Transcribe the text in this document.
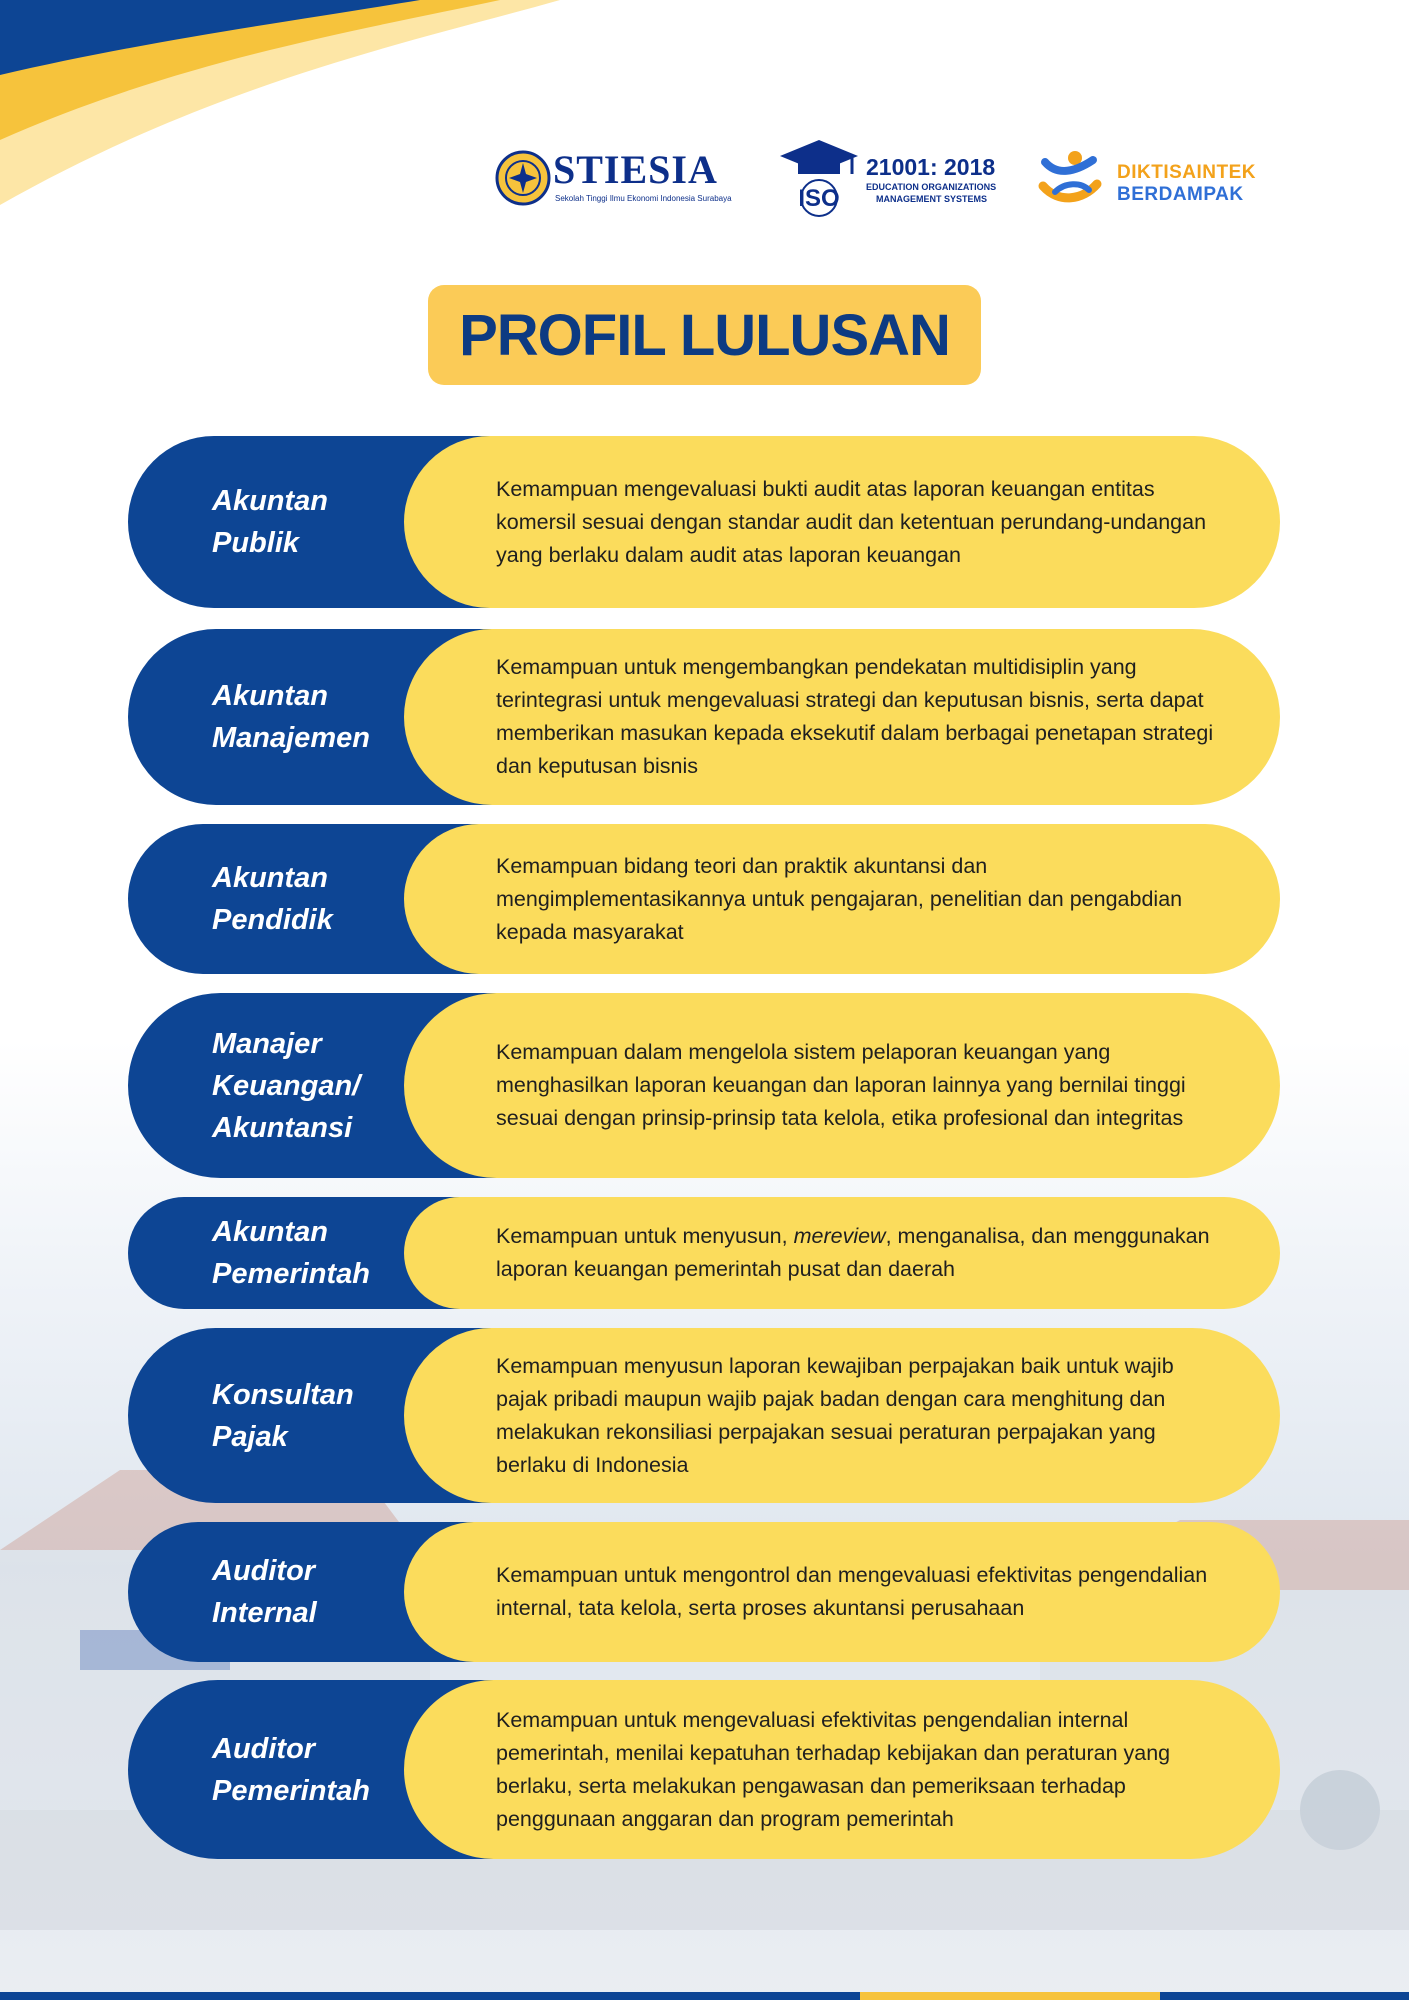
STIESIA
Sekolah Tinggi Ilmu Ekonomi Indonesia Surabaya	ISO
21001: 2018
EDUCATION ORGANIZATIONS
MANAGEMENT SYSTEMS
DIKTISAINTEK
BERDAMPAK
PROFIL LULUSAN
Akuntan
Publik
Kemampuan mengevaluasi bukti audit atas laporan keuangan entitas komersil sesuai dengan standar audit dan ketentuan perundang-undangan yang berlaku dalam audit atas laporan keuangan
Akuntan
Manajemen
Kemampuan untuk mengembangkan pendekatan multidisiplin yang terintegrasi untuk mengevaluasi strategi dan keputusan bisnis, serta dapat memberikan masukan kepada eksekutif dalam berbagai penetapan strategi dan keputusan bisnis
Akuntan
Pendidik
Kemampuan bidang teori dan praktik akuntansi dan mengimplementasikannya untuk pengajaran, penelitian dan pengabdian kepada masyarakat
Manajer
Keuangan/
Akuntansi
Kemampuan dalam mengelola sistem pelaporan keuangan yang menghasilkan laporan keuangan dan laporan lainnya yang bernilai tinggi sesuai dengan prinsip-prinsip tata kelola, etika profesional dan integritas
Akuntan
Pemerintah
Kemampuan untuk menyusun, mereview, menganalisa, dan menggunakan laporan keuangan pemerintah pusat dan daerah
Konsultan
Pajak
Kemampuan menyusun laporan kewajiban perpajakan baik untuk wajib pajak pribadi maupun wajib pajak badan dengan cara menghitung dan melakukan rekonsiliasi perpajakan sesuai peraturan perpajakan yang berlaku di Indonesia
Auditor
Internal
Kemampuan untuk mengontrol dan mengevaluasi efektivitas pengendalian internal, tata kelola, serta proses akuntansi perusahaan
Auditor
Pemerintah
Kemampuan untuk mengevaluasi efektivitas pengendalian internal pemerintah, menilai kepatuhan terhadap kebijakan dan peraturan yang berlaku, serta melakukan pengawasan dan pemeriksaan terhadap penggunaan anggaran dan program pemerintah
